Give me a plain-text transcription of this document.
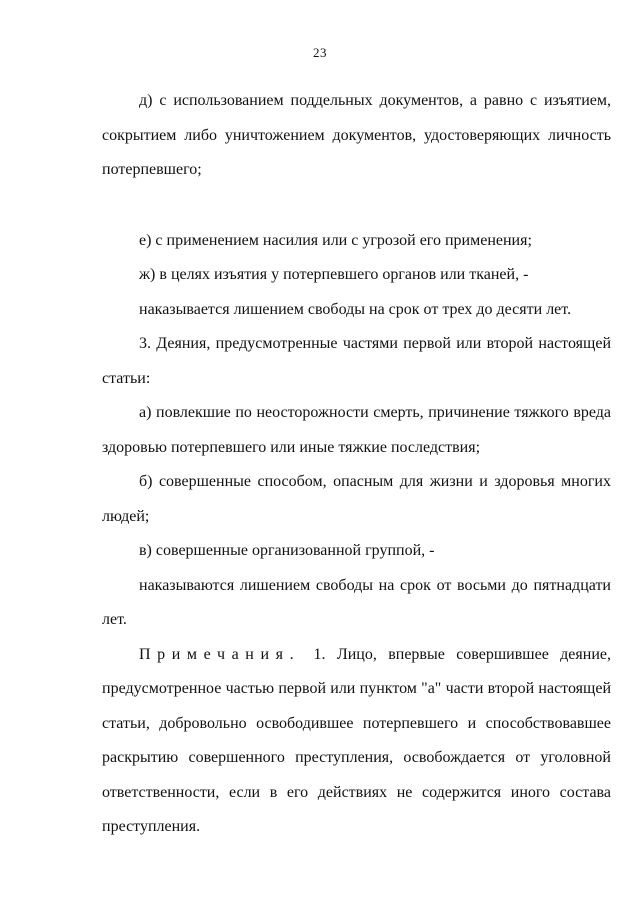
23

д) с использованием поддельных документов, а равно с изъятием,

сокрытием либо уничтожением документов, удостоверяющих личность

потерпевшего;

е) с применением насилия или с угрозой его применения;

ж) в целях изъятия у потерпевшего органов или тканей, -

наказывается лишением свободы на срок от трех до десяти лет.

3. Деяния, предусмотренные частями первой или второй настоящей

статьи:

а) повлекшие по неосторожности смерть, причинение тяжкого вреда

здоровью потерпевшего или иные тяжкие последствия;

б) совершенные способом, опасным для жизни и здоровья многих

людей;

в) совершенные организованной группой, -

наказываются лишением свободы на срок от восьми до пятнадцати лет.

Примечания. 1. Лицо, впервые совершившее деяние,

предусмотренное частью первой или пунктом "а" части второй настоящей

статьи, добровольно освободившее потерпевшего и способствовавшее

раскрытию совершенного преступления, освобождается от уголовной

ответственности, если в его действиях не содержится иного состава

преступления.
